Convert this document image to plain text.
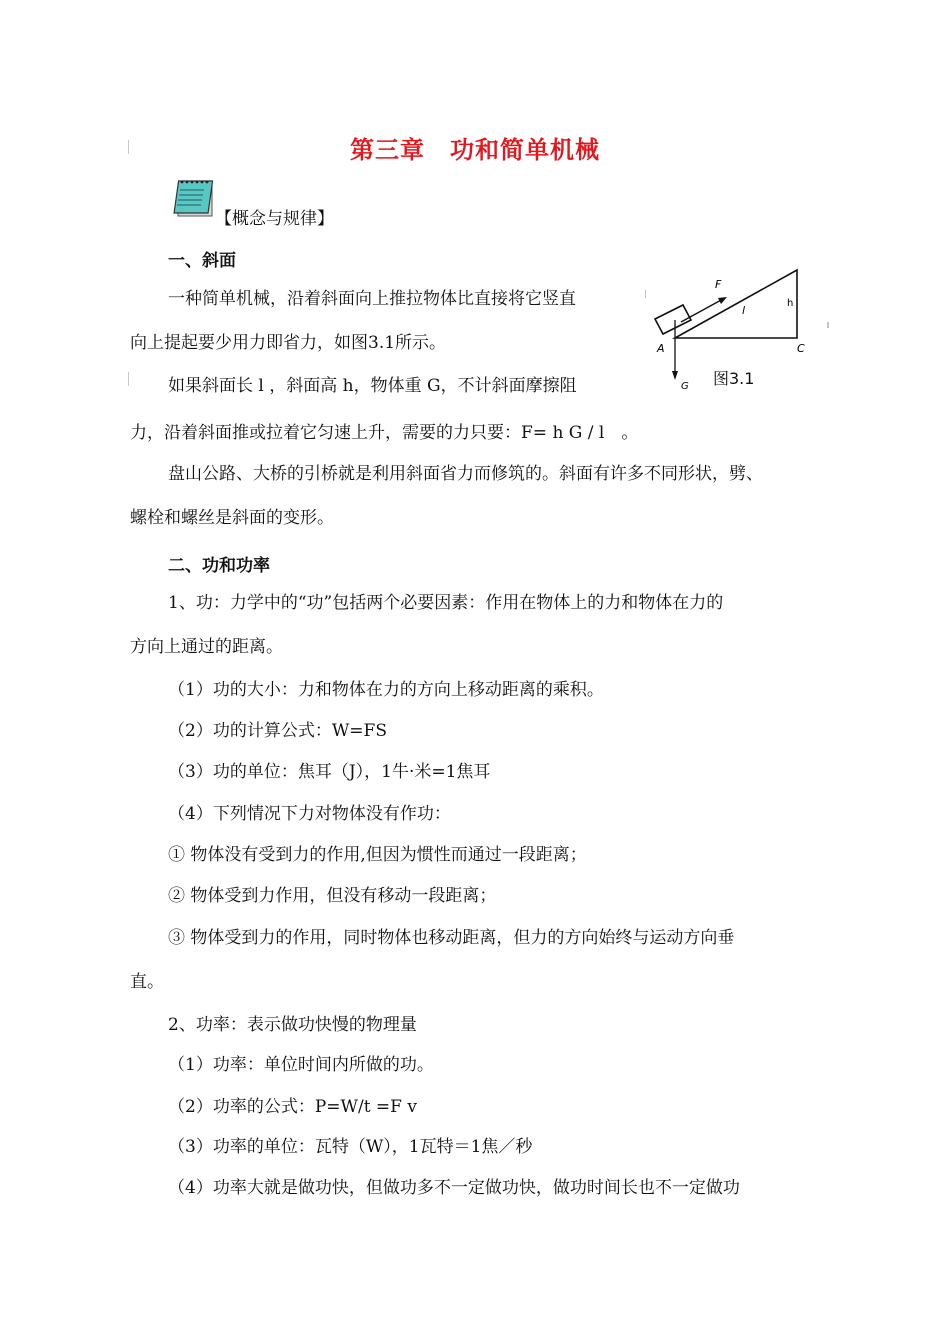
第三章　功和简单机械
【概念与规律】
F
l
h
A	C
G 图3.1
一、斜面
一种简单机械，沿着斜面向上推拉物体比直接将它竖直
向上提起要少用力即省力，如图3.1所示。
如果斜面长 l ，斜面高 h，物体重 G，不计斜面摩擦阻
力，沿着斜面推或拉着它匀速上升，需要的力只要：F= h G / l　。
盘山公路、大桥的引桥就是利用斜面省力而修筑的。斜面有许多不同形状，劈、
螺栓和螺丝是斜面的变形。
二、功和功率
1、功：力学中的“功”包括两个必要因素：作用在物体上的力和物体在力的
方向上通过的距离。
（1）功的大小：力和物体在力的方向上移动距离的乘积。
（2）功的计算公式：W=FS
（3）功的单位：焦耳（J），1牛·米=1焦耳
（4）下列情况下力对物体没有作功：
① 物体没有受到力的作用,但因为惯性而通过一段距离；
② 物体受到力作用，但没有移动一段距离；
③ 物体受到力的作用，同时物体也移动距离，但力的方向始终与运动方向垂
直。
2、功率：表示做功快慢的物理量
（1）功率：单位时间内所做的功。
（2）功率的公式：P=W/t =F v
（3）功率的单位：瓦特（W），1瓦特＝1焦／秒
（4）功率大就是做功快，但做功多不一定做功快，做功时间长也不一定做功
